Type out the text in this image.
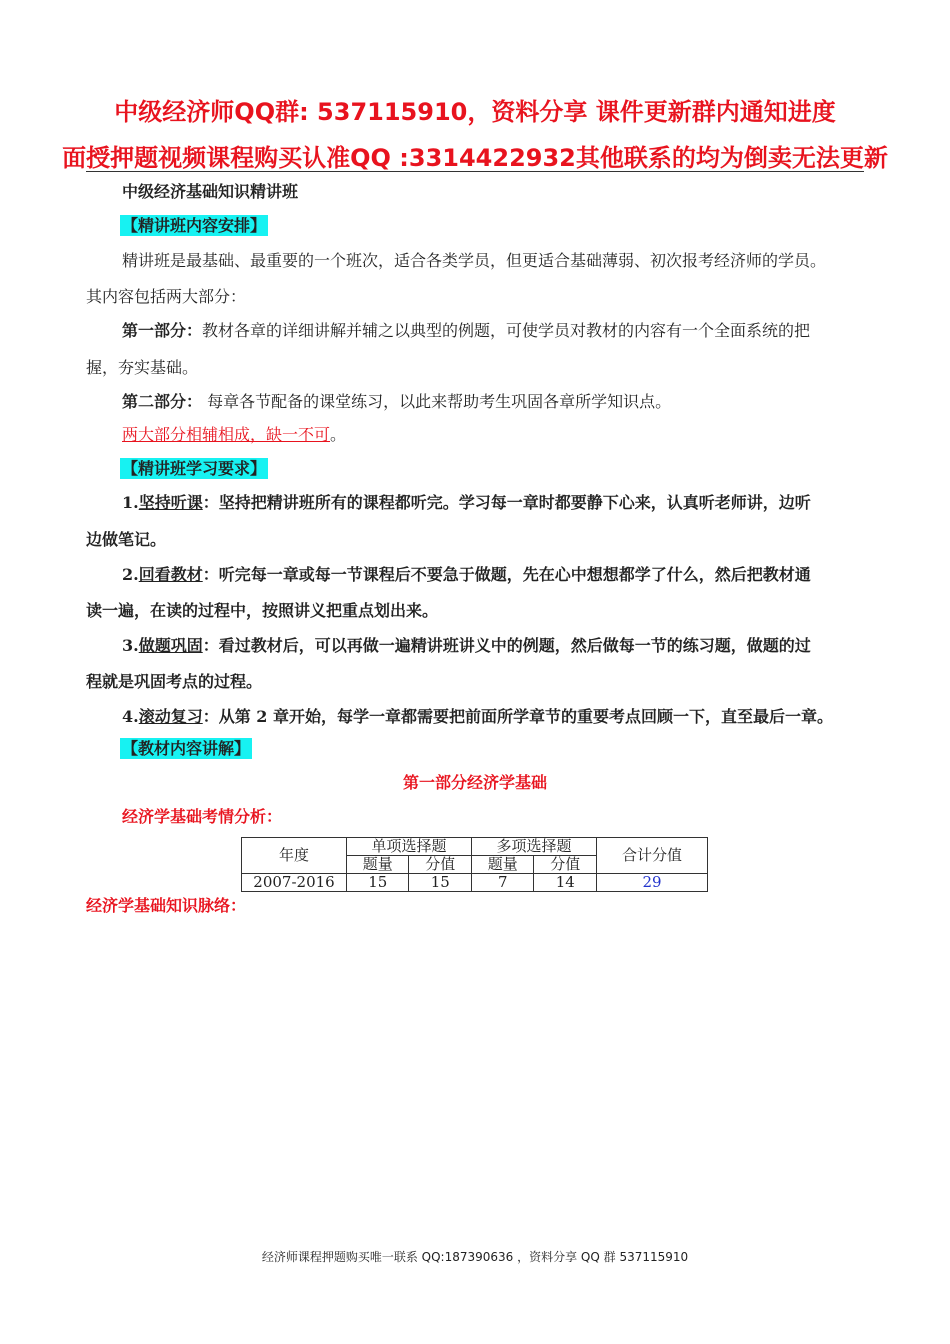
中级经济师QQ群: 537115910，资料分享 课件更新群内通知进度
面授押题视频课程购买认准QQ :3314422932其他联系的均为倒卖无法更新
中级经济基础知识精讲班
【精讲班内容安排】
精讲班是最基础、最重要的一个班次，适合各类学员，但更适合基础薄弱、初次报考经济师的学员。
其内容包括两大部分：
第一部分：教材各章的详细讲解并辅之以典型的例题，可使学员对教材的内容有一个全面系统的把
握，夯实基础。
第二部分： 每章各节配备的课堂练习，以此来帮助考生巩固各章所学知识点。
两大部分相辅相成，缺一不可。
【精讲班学习要求】
1.坚持听课：坚持把精讲班所有的课程都听完。学习每一章时都要静下心来，认真听老师讲，边听
边做笔记。
2.回看教材：听完每一章或每一节课程后不要急于做题，先在心中想想都学了什么，然后把教材通
读一遍，在读的过程中，按照讲义把重点划出来。
3.做题巩固：看过教材后，可以再做一遍精讲班讲义中的例题，然后做每一节的练习题，做题的过
程就是巩固考点的过程。
4.滚动复习：从第 2 章开始，每学一章都需要把前面所学章节的重要考点回顾一下，直至最后一章。
【教材内容讲解】
第一部分经济学基础
经济学基础考情分析：
年度	单项选择题		多项选择题		合计分值
	题量	分值	题量	分值	
2007-2016	15	15	7	14	29
经济学基础知识脉络：
经济师课程押题购买唯一联系 QQ:187390636 ，资料分享 QQ 群 537115910
